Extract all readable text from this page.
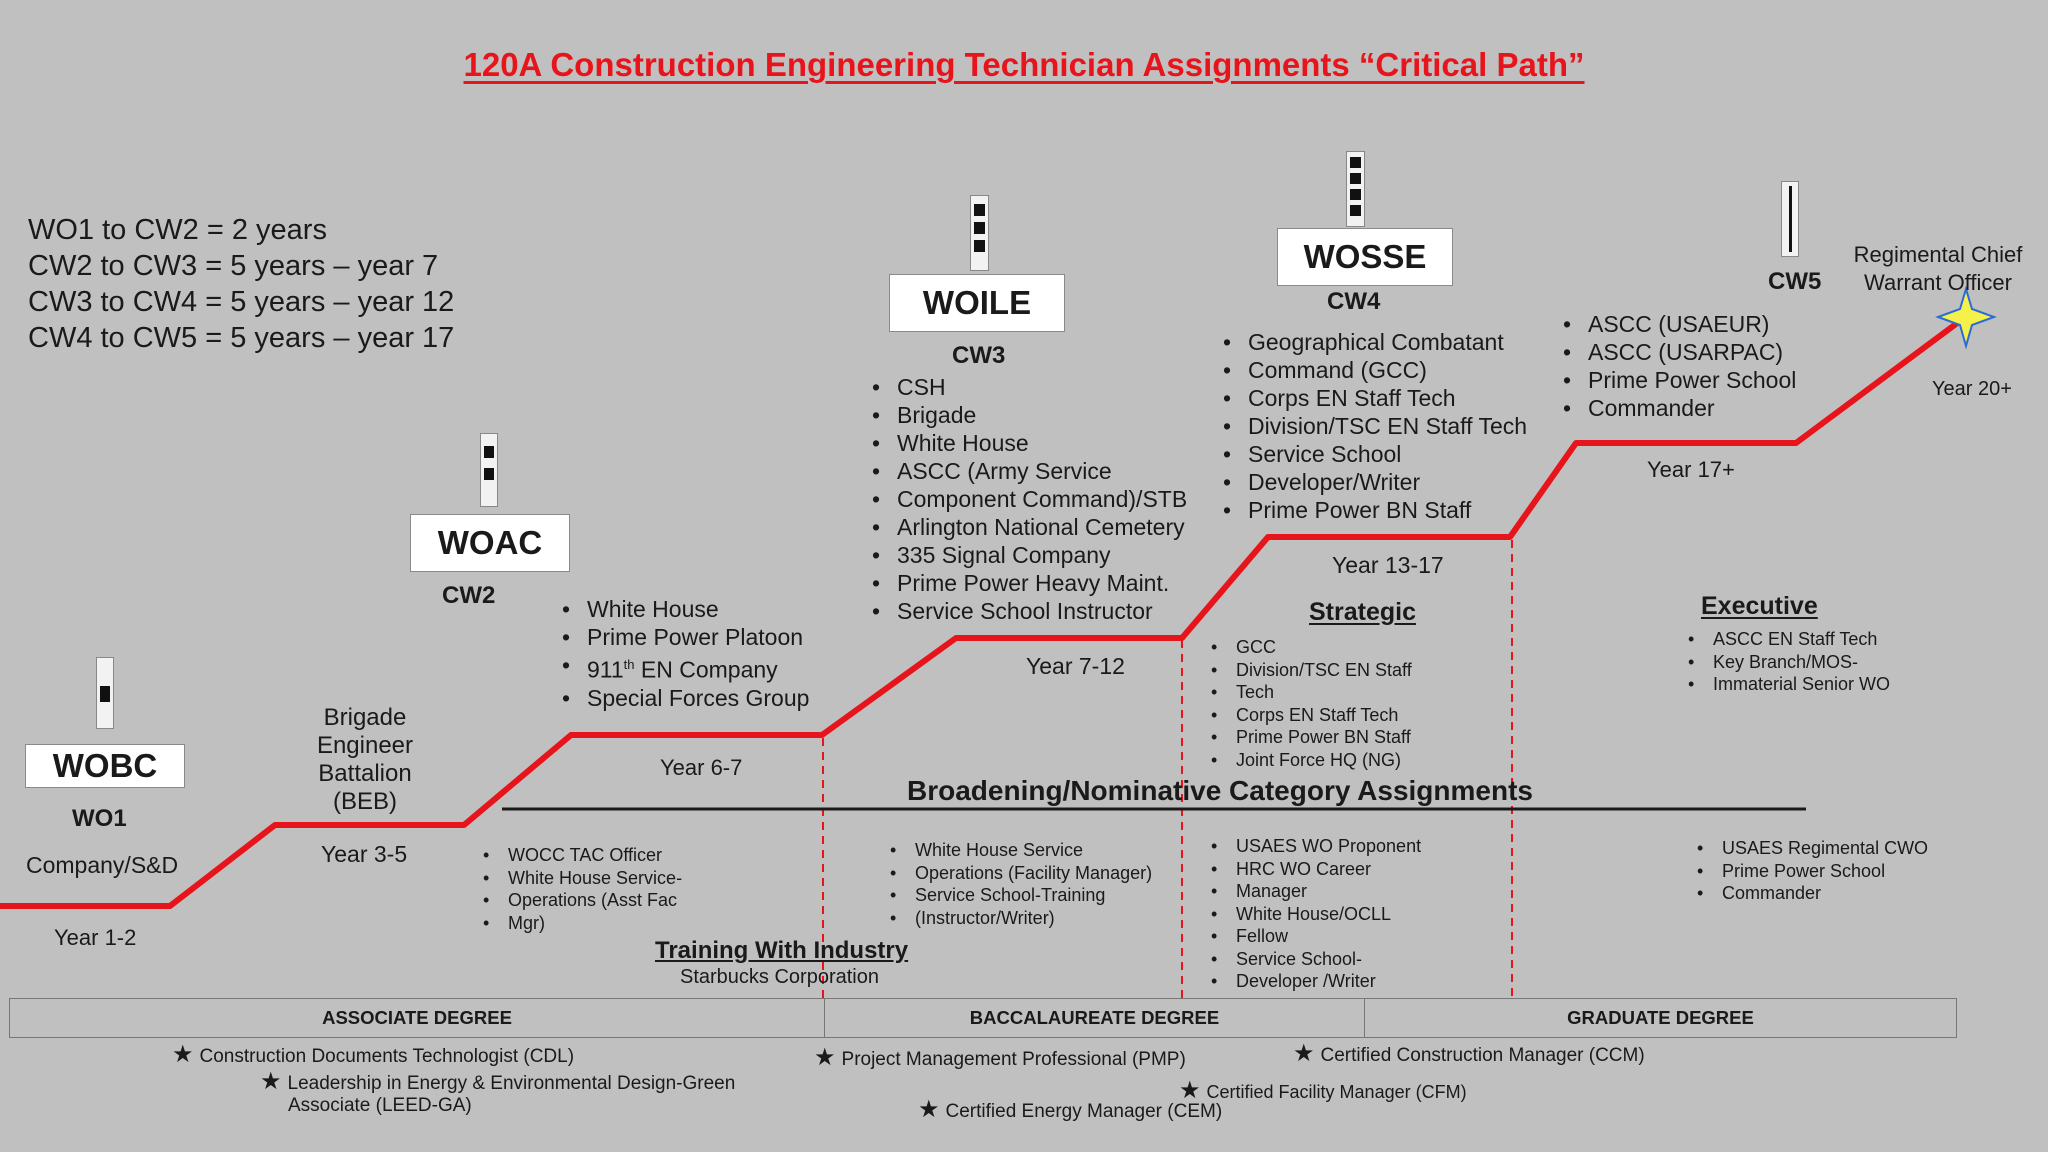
120A Construction Engineering Technician Assignments “Critical Path”
WO1 to CW2 = 2 years
CW2 to CW3 = 5 years – year 7
CW3 to CW4 = 5 years – year 12
CW4 to CW5 = 5 years – year 17
WOBC
WO1
Company/S&D
Year 1-2
Brigade Engineer Battalion (BEB)
Year 3-5
WOAC
CW2
•	White House
• Prime Power Platoon
• 911th EN Company
• Special Forces Group
Year 6-7
WOILE
CW3
• CSH
• Brigade
• White House
• ASCC (Army Service
• Component Command)/STB
• Arlington National Cemetery
• 335 Signal Company
• Prime Power Heavy Maint.
• Service School Instructor
Year 7-12
WOSSE
CW4
• Geographical Combatant
• Command (GCC)
• Corps EN Staff Tech
• Division/TSC EN Staff Tech
• Service School
• Developer/Writer
• Prime Power BN Staff
Year 13-17
CW5
• ASCC (USAEUR)
• ASCC (USARPAC)
• Prime Power School
• Commander
Year 17+
Regimental Chief Warrant Officer
Year 20+
Strategic
• GCC
• Division/TSC EN Staff
• Tech
• Corps EN Staff Tech
• Prime Power BN Staff
• Joint Force HQ (NG)
Executive
• ASCC EN Staff Tech
• Key Branch/MOS-
• Immaterial Senior WO
Broadening/Nominative Category Assignments
• WOCC TAC Officer
• White House Service-
• Operations (Asst Fac
• Mgr)
• White House Service
• Operations (Facility Manager)
• Service School-Training
• (Instructor/Writer)
• USAES WO Proponent
• HRC WO Career
• Manager
• White House/OCLL
• Fellow
• Service School-
• Developer /Writer
• USAES Regimental CWO
• Prime Power School
• Commander
Training With Industry
Starbucks Corporation
ASSOCIATE DEGREE	BACCALAUREATE DEGREE	GRADUATE DEGREE
★ Construction Documents Technologist (CDL)
★ Leadership in Energy & Environmental Design-Green
Associate (LEED-GA)
★ Project Management Professional (PMP)
★ Certified Energy Manager (CEM)
★ Certified Construction Manager (CCM)
★ Certified Facility Manager (CFM)
